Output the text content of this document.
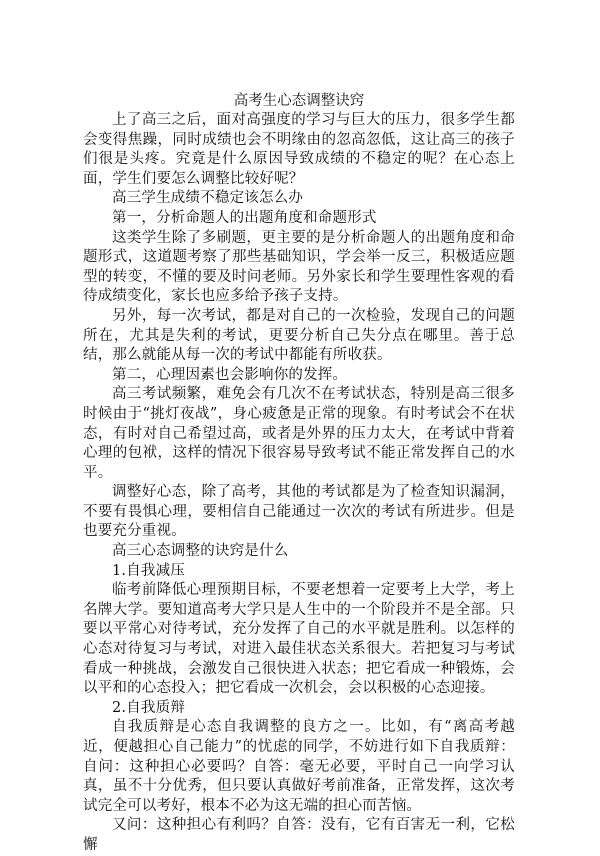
高考生心态调整诀窍

上了高三之后，面对高强度的学习与巨大的压力，很多学生都会变得焦躁，同时成绩也会不明缘由的忽高忽低，这让高三的孩子们很是头疼。究竟是什么原因导致成绩的不稳定的呢？在心态上面，学生们要怎么调整比较好呢？

高三学生成绩不稳定该怎么办

第一，分析命题人的出题角度和命题形式

这类学生除了多刷题，更主要的是分析命题人的出题角度和命题形式，这道题考察了那些基础知识，学会举一反三，积极适应题型的转变，不懂的要及时问老师。另外家长和学生要理性客观的看待成绩变化，家长也应多给予孩子支持。

另外，每一次考试，都是对自己的一次检验，发现自己的问题所在，尤其是失利的考试，更要分析自己失分点在哪里。善于总结，那么就能从每一次的考试中都能有所收获。

第二，心理因素也会影响你的发挥。

高三考试频繁，难免会有几次不在考试状态，特别是高三很多时候由于“挑灯夜战”，身心疲惫是正常的现象。有时考试会不在状态，有时对自己希望过高，或者是外界的压力太大，在考试中背着心理的包袱，这样的情况下很容易导致考试不能正常发挥自己的水平。

调整好心态，除了高考，其他的考试都是为了检查知识漏洞，不要有畏惧心理，要相信自己能通过一次次的考试有所进步。但是也要充分重视。

高三心态调整的诀窍是什么

1.自我减压

临考前降低心理预期目标，不要老想着一定要考上大学，考上名牌大学。要知道高考大学只是人生中的一个阶段并不是全部。只要以平常心对待考试，充分发挥了自己的水平就是胜利。以怎样的心态对待复习与考试，对进入最佳状态关系很大。若把复习与考试看成一种挑战，会激发自己很快进入状态；把它看成一种锻炼，会以平和的心态投入；把它看成一次机会，会以积极的心态迎接。

2.自我质辩

自我质辩是心态自我调整的良方之一。比如，有“离高考越近，便越担心自己能力”的忧虑的同学，不妨进行如下自我质辩：自问：这种担心必要吗？自答：毫无必要，平时自己一向学习认真，虽不十分优秀，但只要认真做好考前准备，正常发挥，这次考试完全可以考好，根本不必为这无端的担心而苦恼。

又问：这种担心有利吗？自答：没有，它有百害无一利，它松懈
